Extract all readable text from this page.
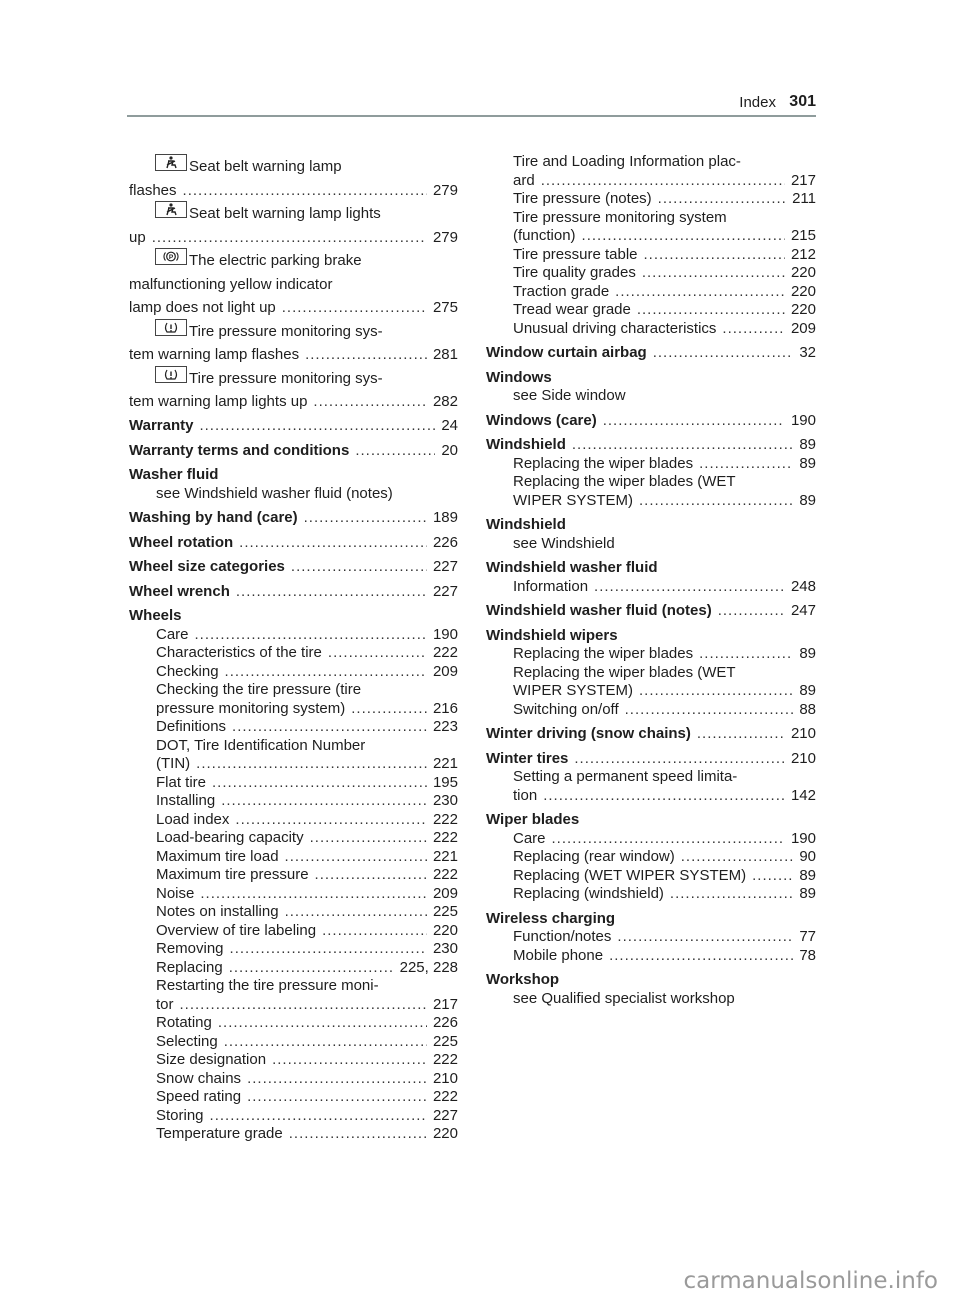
Index 301
Seat belt warning lamp
flashes .....	279
Seat belt warning lamp lights
up .....	279
P The electric parking brake
malfunctioning yellow indicator
lamp does not light up .....	275
Tire pressure monitoring sys-
tem warning lamp flashes .....	281
Tire pressure monitoring sys-
tem warning lamp lights up .....	282
Warranty .....	24
Warranty terms and conditions .....	20
Washer fluid
see Windshield washer fluid (notes)
Washing by hand (care) .....	189
Wheel rotation .....	226
Wheel size categories .....	227
Wheel wrench .....	227
Wheels
Care .....	190
Characteristics of the tire .....	222
Checking .....	209
Checking the tire pressure (tire
pressure monitoring system) .....	216
Definitions .....	223
DOT, Tire Identification Number
(TIN) .....	221
Flat tire .....	195
Installing .....	230
Load index .....	222
Load-bearing capacity .....	222
Maximum tire load .....	221
Maximum tire pressure .....	222
Noise .....	209
Notes on installing .....	225
Overview of tire labeling .....	220
Removing .....	230
Replacing .....	225, 228
Restarting the tire pressure moni-
tor .....	217
Rotating .....	226
Selecting .....	225
Size designation .....	222
Snow chains .....	210
Speed rating .....	222
Storing .....	227
Temperature grade .....	220
Tire and Loading Information plac-
ard .....	217
Tire pressure (notes) .....	211
Tire pressure monitoring system
(function) .....	215
Tire pressure table .....	212
Tire quality grades .....	220
Traction grade .....	220
Tread wear grade .....	220
Unusual driving characteristics .....	209
Window curtain airbag .....	32
Windows
see Side window
Windows (care) .....	190
Windshield .....	89
Replacing the wiper blades .....	89
Replacing the wiper blades (WET
WIPER SYSTEM) .....	89
Windshield
see Windshield
Windshield washer fluid
Information .....	248
Windshield washer fluid (notes) .....	247
Windshield wipers
Replacing the wiper blades .....	89
Replacing the wiper blades (WET
WIPER SYSTEM) .....	89
Switching on/off .....	88
Winter driving (snow chains) .....	210
Winter tires .....	210
Setting a permanent speed limita-
tion .....	142
Wiper blades
Care .....	190
Replacing (rear window) .....	90
Replacing (WET WIPER SYSTEM) .....	89
Replacing (windshield) .....	89
Wireless charging
Function/notes .....	77
Mobile phone .....	78
Workshop
see Qualified specialist workshop
carmanualsonline.info
